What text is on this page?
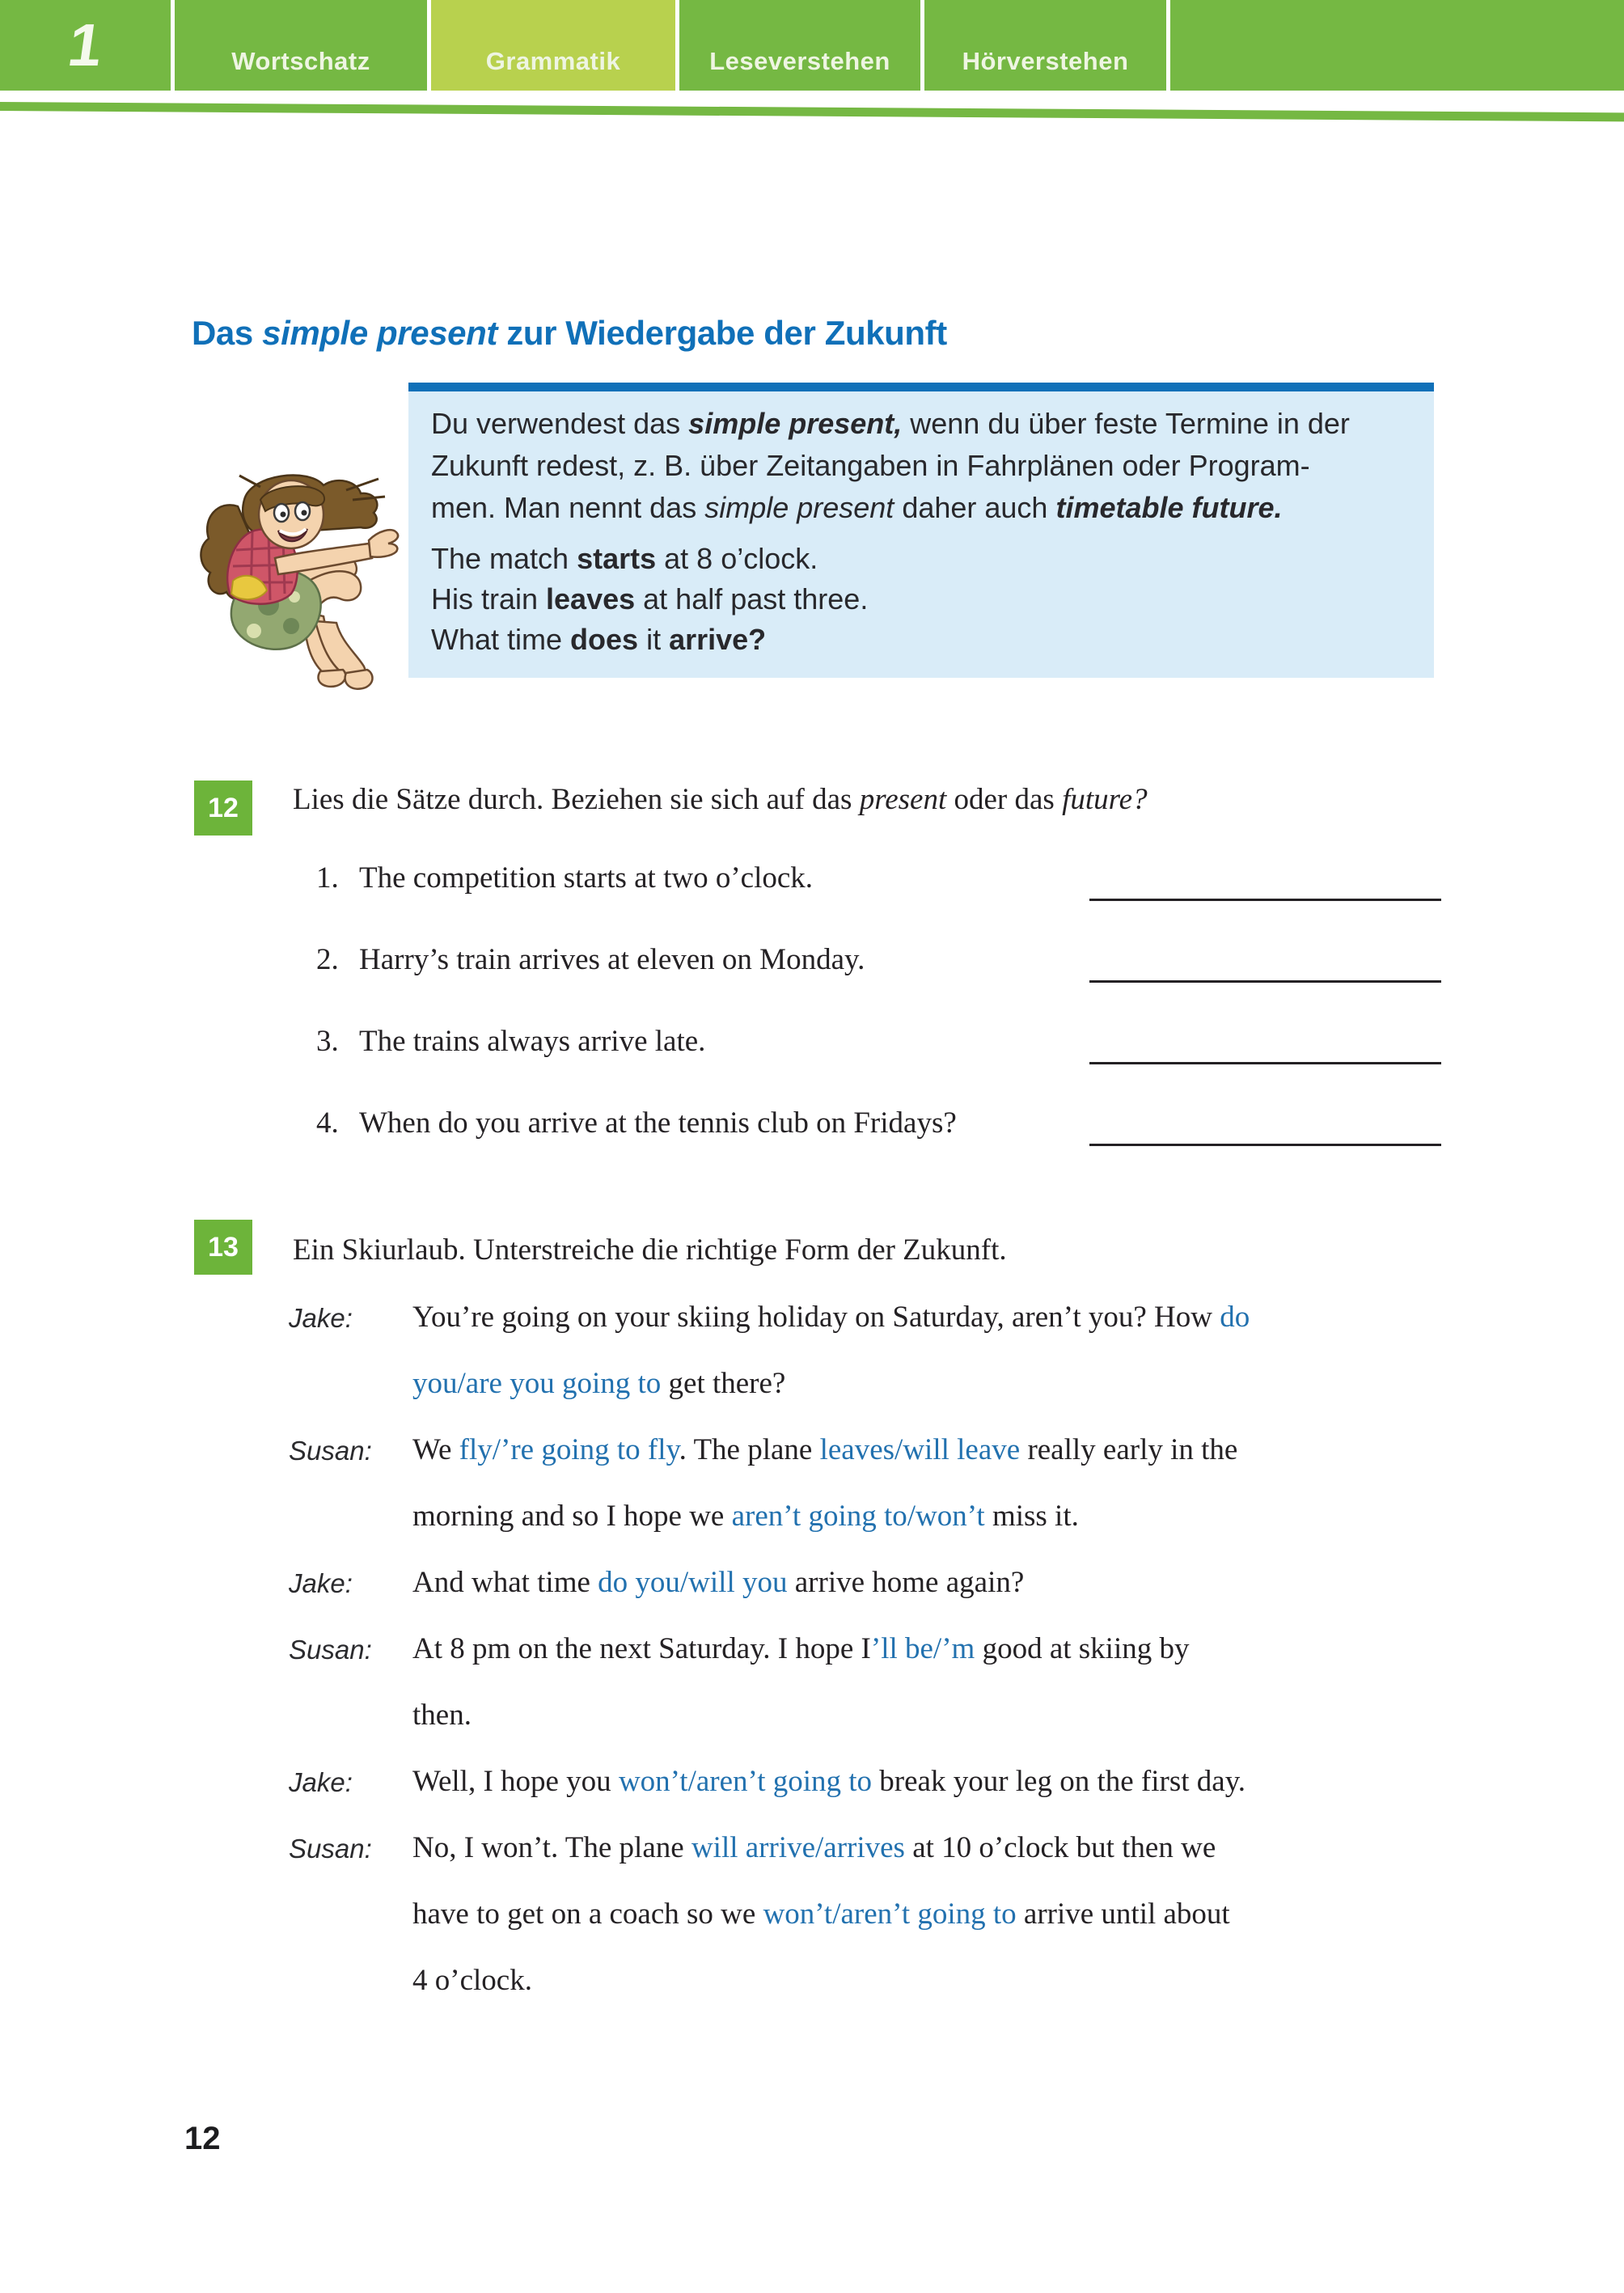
1	Wortschatz	Grammatik	Leseverstehen	Hörverstehen
Das simple present zur Wiedergabe der Zukunft
Du verwendest das simple present, wenn du über feste Termine in der
Zukunft redest, z. B. über Zeitangaben in Fahrplänen oder Program-
men. Man nennt das simple present daher auch timetable future.
The match starts at 8 o’clock.
His train leaves at half past three.
What time does it arrive?
12	Lies die Sätze durch. Beziehen sie sich auf das present oder das future?
1. The competition starts at two o’clock.
2. Harry’s train arrives at eleven on Monday.
3. The trains always arrive late.
4. When do you arrive at the tennis club on Fridays?
13	Ein Skiurlaub. Unterstreiche die richtige Form der Zukunft.
Jake: You’re going on your skiing holiday on Saturday, aren’t you? How do
you/are you going to get there?
Susan: We fly/’re going to fly. The plane leaves/will leave really early in the
morning and so I hope we aren’t going to/won’t miss it.
Jake: And what time do you/will you arrive home again?
Susan: At 8 pm on the next Saturday. I hope I’ll be/’m good at skiing by
then.
Jake: Well, I hope you won’t/aren’t going to break your leg on the first day.
Susan: No, I won’t. The plane will arrive/arrives at 10 o’clock but then we
have to get on a coach so we won’t/aren’t going to arrive until about
4 o’clock.
12
